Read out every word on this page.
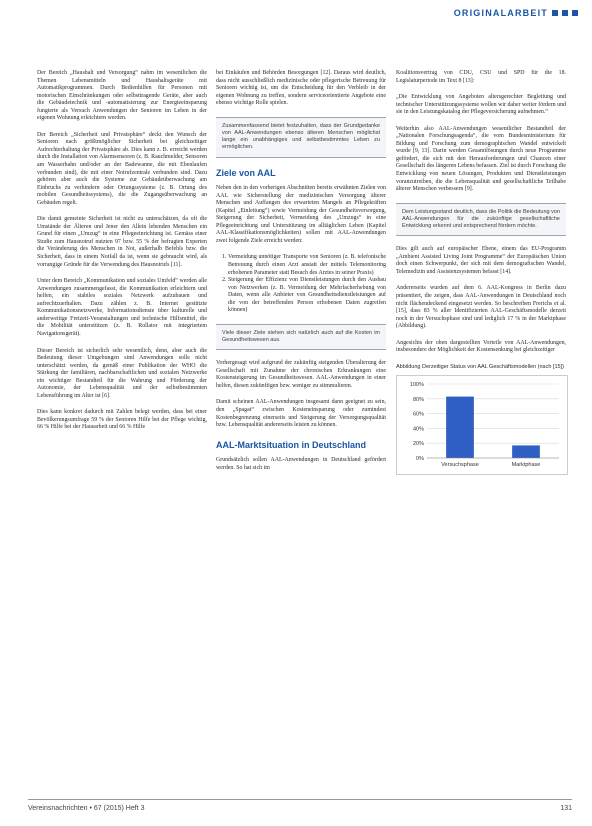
ORIGINALARBEIT

Der Bereich „Haushalt und Versorgung“ nahm im wesentlichen die Themen Lebensmitteln und Haushaltsgeräte mit Automatikprogrammen. Durch Bedienhilfen für Personen mit motorischen Einschränkungen oder selbsttragende Geräte, aber auch die Gebäudetechnik und -automatisierung zur Energieeinsparung fungierte als Versuch Anwendungen der Senioren im Leben in der eigenen Wohnung erleichtern werden.

Der Bereich „Sicherheit und Privatsphäre“ deckt den Wunsch der Senioren nach größtmöglicher Sicherheit bei gleichzeitiger Aufrechterhaltung der Privatsphäre ab. Dies kann z. B. erreicht werden durch die Installation von Alarmsensoren (z. B. Rauchmelder, Sensoren am Wasserhahn und/oder an der Badewanne, die mit Ebenlaufen verbunden sind), die mit einer Notrufzentrale verbunden sind. Dazu gehören aber auch die Systeme zur Gebäudeüberwachung am Einbruchs zu verhindern oder Ortungssysteme (z. B. Ortung des mobilen Gesundheitssystems), die die Zugangsüberwachung an Gebäuden regelt.

Die damit gemeinte Sicherheit ist nicht zu unterschätzen, da oft die Umstände der Älteren und Jener den Allein lebenden Menschen ein Grund für einen „Umzug“ in eine Pflegeeinrichtung ist. Gemäss einer Studie zum Hausnotruf nutzten 97 bzw. 55 % der befragten Experten die Veränderung des Menschen in Not, außerhalb Befehls bzw. die Sicherheit, dass in einem Notfall da ist, wenn sie gebraucht wird, als vorrangige Gründe für die Verwendung des Hausnotrufs [11].

Unter dem Bereich „Kommunikation und soziales Umfeld“ werden alle Anwendungen zusammengefasst, die Kommunikation erleichtern und helfen, ein stabiles soziales Netzwerk aufzubauen und aufrechtzuerhalten. Dazu zählen z. B. Internet gestützte Kommunikationsnetzwerke, Informationsdienste über kulturelle und anderweitige Freizeit-Veranstaltungen und technische Hilfsmittel, die die Mobilität unterstützen (z. B. Rollator mit integriertem Navigationsgerät).

Dieser Bereich ist sicherlich sehr wesentlich, denn, aber auch die Bedeutung dieser Umgebungen sind Anwendungen solle nicht unterschätzt werden, da gemäß einer Publikation der WHO die Stärkung der familiären, nachbarschaftlichen und sozialen Netzwerke ein wichtiger Bestandteil für die Wahrung und Förderung der Autonomie, der Lebensqualität und der selbstbestimmten Lebensführung im Alter ist [6].

Dies kann konkret dadurch mit Zahlen belegt werden, dass bei einer Bevölkerungsumfrage 59 % der Senioren Hilfe bei der Pflege wichtig, 66 % Hilfe bei der Hausarbeit und 66 % Hilfe

bei Einkäufen und Behörden Besorgungen [12]. Daraus wird deutlich, dass nicht ausschließlich medizinische oder pflegerische Betreuung für Senioren wichtig ist, um die Entscheidung für den Verbleib in der eigenen Wohnung zu treffen, sondern serviceorientierte Angebote eine ebenso wichtige Rolle spielen.

Zusammenfassend bietet festzuhalten, dass der Grundgedanke von AAL-Anwendungen ebenso älteren Menschen möglichst lange ein unabhängiges und selbstbestimmtes Leben zu ermöglichen.
Ziele von AAL

Neben den in den vorherigen Abschnitten bereits erwähnten Zielen von AAL wie Sicherstellung der medizinischen Versorgung älterer Menschen und Auffangen des erwarteten Mangels an Pflegekräften (Kapitel „Einleitung“) sowie Vermeidung der Gesundheitsversorgung, Steigerung der Sicherheit, Vermeidung des „Umzugs“ in eine Pflegeeinrichtung und Unterstützung im alltäglichen Leben (Kapitel AAL-Klassifikationsmöglichkeiten) sollen mit AAL-Anwendungen zwei folgende Ziele erreicht werden:

1. Vermeidung unnötiger Transporte von Senioren (z. B. telefonische Betreuung durch einen Arzt anstatt der mittels Telemonitoring erhobenen Parameter statt Besuch des Arztes in seiner Praxis)
2. Steigerung der Effizienz von Dienstleistungen durch den Ausbau von Netzwerken (z. B. Vermeidung der Mehrfacherhebung von Daten, wenn alle Anbieter von Gesundheitsdienstleistungen auf die von der betreffenden Person erhobenen Daten zugreifen können)
Viele dieser Ziele stehen sich natürlich auch auf die Kosten im Gesundheitswesen aus.

Vorhergesagt wird aufgrund der zukünftig steigenden Überalterung der Gesellschaft mit Zunahme der chronischen Erkrankungen eine Kostensteigerung im Gesundheitswesen. AAL-Anwendungen in einer helfen, diesen zukünftigen bzw. weniger zu stimmulieren.

Damit scheinen AAL-Anwendungen insgesamt dann geeignet zu sein, den „Spagat“ zwischen Kosteneinsparung oder zumindest Kostenbegrenzung einerseits und Steigerung der Versorgungsqualität bzw. Lebensqualität andererseits leisten zu können.

AAL-Marktsituation in Deutschland

Grundsätzlich sollen AAL-Anwendungen in Deutschland gefördert werden. So hat sich im

Koalitionsvertrag von CDU, CSU und SPD für die 18. Legislaturperiode im Text 8 [13]:

„Die Entwicklung von Angeboten altersgerechter Begleitung und technischer Unterstützungssysteme wollen wir daher weiter fördern und sie in den Leistungskatalog der Pflegeversicherung aufnehmen.“

Weiterhin also AAL-Anwendungen wesentlicher Bestandteil der „Nationalen Forschungsagenda“, die vom Bundesministerium für Bildung und Forschung zum demographischen Wandel entwickelt wurde [9, 13]. Darin werden Gesamtlösungen durch neue Programme gefördert, die sich mit den Herausforderungen und Chancen einer Gesellschaft des längeren Lebens befassen. Ziel ist durch Forschung die Entwicklung von neuen Lösungen, Produkten und Dienstleistungen voranzutreiben, die die Lebensqualität und gesellschaftliche Teilhabe älterer Menschen verbessern [9].

Dem Leistungsstand deutlich, dass die Politik die Bedeutung von AAL-Anwendungen für die zukünftige gesellschaftliche Entwicklung erkennt und entsprechend fördern möchte.

Dies gilt auch auf europäischer Ebene, einem das EU-Programm „Ambient Assisted Living Joint Programme“ der Europäischen Union doch einen Schwerpunkt, der sich mit dem demografischen Wandel, Telemedizin und Assistenzsystemen befasst [14].

Andererseits wurden auf dem 6. AAL-Kongress in Berlin dazu präsentiert, die zeigen, dass AAL-Anwendungen in Deutschland noch nicht flächendeckend eingesetzt werden. So beschreiben Frerichs et al. [15], dass 83 % aller Identifizierten AAL-Geschäftsmodelle derzeit noch in der Versuchsphase sind und lediglich 17 % in der Marktphase (Abbildung).

Angesichts der oben dargestellten Vorteile von AAL-Anwendungen, insbesondere der Möglichkeit der Kostensenkung bei gleichzeitiger

Abbildung Derzeitiger Status von AAL Geschäftsmodellen (nach [15])
0%
20%
40%
60%
80%
100%
Versuchsphase	Marktphase
Vereinsnachrichten • 67 (2015) Heft 3	131
